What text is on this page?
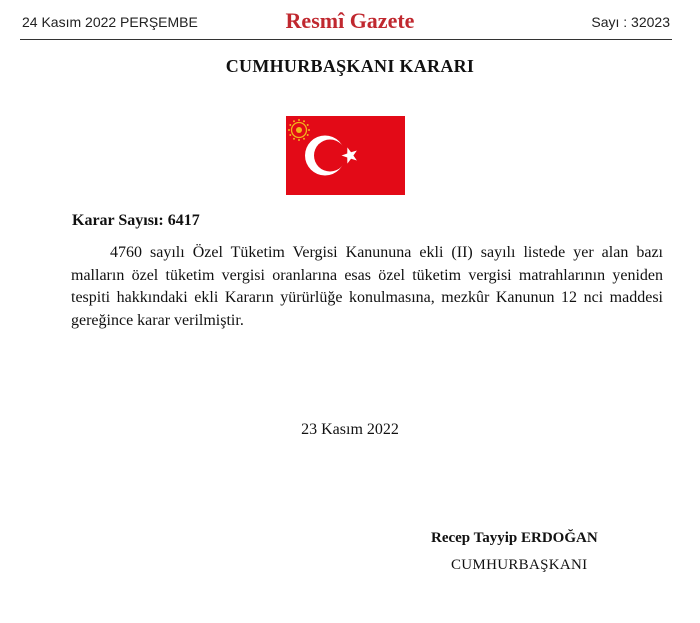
24 Kasım 2022 PERŞEMBE	Resmî Gazete	Sayı : 32023
CUMHURBAŞKANI KARARI
Karar Sayısı: 6417
4760 sayılı Özel Tüketim Vergisi Kanununa ekli (II) sayılı listede yer alan bazı malların özel tüketim vergisi oranlarına esas özel tüketim vergisi matrahlarının yeniden tespiti hakkındaki ekli Kararın yürürlüğe konulmasına, mezkûr Kanunun 12 nci maddesi gereğince karar verilmiştir.
23 Kasım 2022
Recep Tayyip ERDOĞAN
CUMHURBAŞKANI
